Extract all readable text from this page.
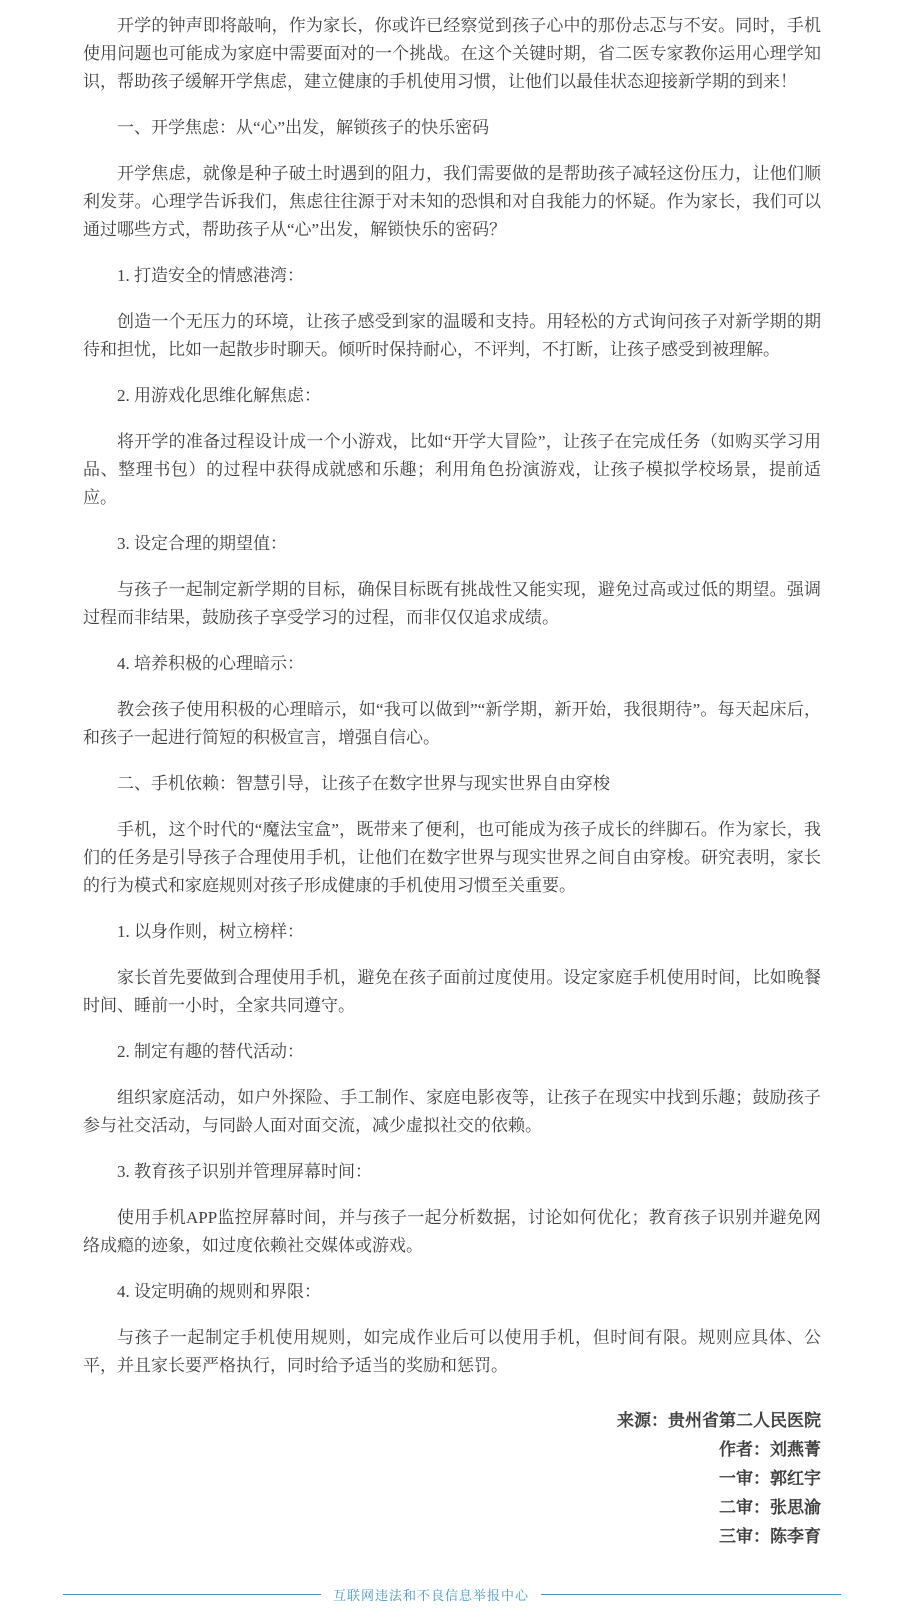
开学的钟声即将敲响，作为家长，你或许已经察觉到孩子心中的那份忐忑与不安。同时，手机使用问题也可能成为家庭中需要面对的一个挑战。在这个关键时期，省二医专家教你运用心理学知识，帮助孩子缓解开学焦虑，建立健康的手机使用习惯，让他们以最佳状态迎接新学期的到来！

一、开学焦虑：从“心”出发，解锁孩子的快乐密码

开学焦虑，就像是种子破土时遇到的阻力，我们需要做的是帮助孩子减轻这份压力，让他们顺利发芽。心理学告诉我们，焦虑往往源于对未知的恐惧和对自我能力的怀疑。作为家长，我们可以通过哪些方式，帮助孩子从“心”出发，解锁快乐的密码？

1. 打造安全的情感港湾：

创造一个无压力的环境，让孩子感受到家的温暖和支持。用轻松的方式询问孩子对新学期的期待和担忧，比如一起散步时聊天。倾听时保持耐心，不评判，不打断，让孩子感受到被理解。

2. 用游戏化思维化解焦虑：

将开学的准备过程设计成一个小游戏，比如“开学大冒险”，让孩子在完成任务（如购买学习用品、整理书包）的过程中获得成就感和乐趣；利用角色扮演游戏，让孩子模拟学校场景，提前适应。

3. 设定合理的期望值：

与孩子一起制定新学期的目标，确保目标既有挑战性又能实现，避免过高或过低的期望。强调过程而非结果，鼓励孩子享受学习的过程，而非仅仅追求成绩。

4. 培养积极的心理暗示：

教会孩子使用积极的心理暗示，如“我可以做到”“新学期，新开始，我很期待”。每天起床后，和孩子一起进行简短的积极宣言，增强自信心。

二、手机依赖：智慧引导，让孩子在数字世界与现实世界自由穿梭

手机，这个时代的“魔法宝盒”，既带来了便利，也可能成为孩子成长的绊脚石。作为家长，我们的任务是引导孩子合理使用手机，让他们在数字世界与现实世界之间自由穿梭。研究表明，家长的行为模式和家庭规则对孩子形成健康的手机使用习惯至关重要。

1. 以身作则，树立榜样：

家长首先要做到合理使用手机，避免在孩子面前过度使用。设定家庭手机使用时间，比如晚餐时间、睡前一小时，全家共同遵守。

2. 制定有趣的替代活动：

组织家庭活动，如户外探险、手工制作、家庭电影夜等，让孩子在现实中找到乐趣；鼓励孩子参与社交活动，与同龄人面对面交流，减少虚拟社交的依赖。

3. 教育孩子识别并管理屏幕时间：

使用手机APP监控屏幕时间，并与孩子一起分析数据，讨论如何优化；教育孩子识别并避免网络成瘾的迹象，如过度依赖社交媒体或游戏。

4. 设定明确的规则和界限：

与孩子一起制定手机使用规则，如完成作业后可以使用手机，但时间有限。规则应具体、公平，并且家长要严格执行，同时给予适当的奖励和惩罚。

来源：贵州省第二人民医院
作者：刘燕菁
一审：郭红宇
二审：张思渝
三审：陈李育
互联网违法和不良信息举报中心
